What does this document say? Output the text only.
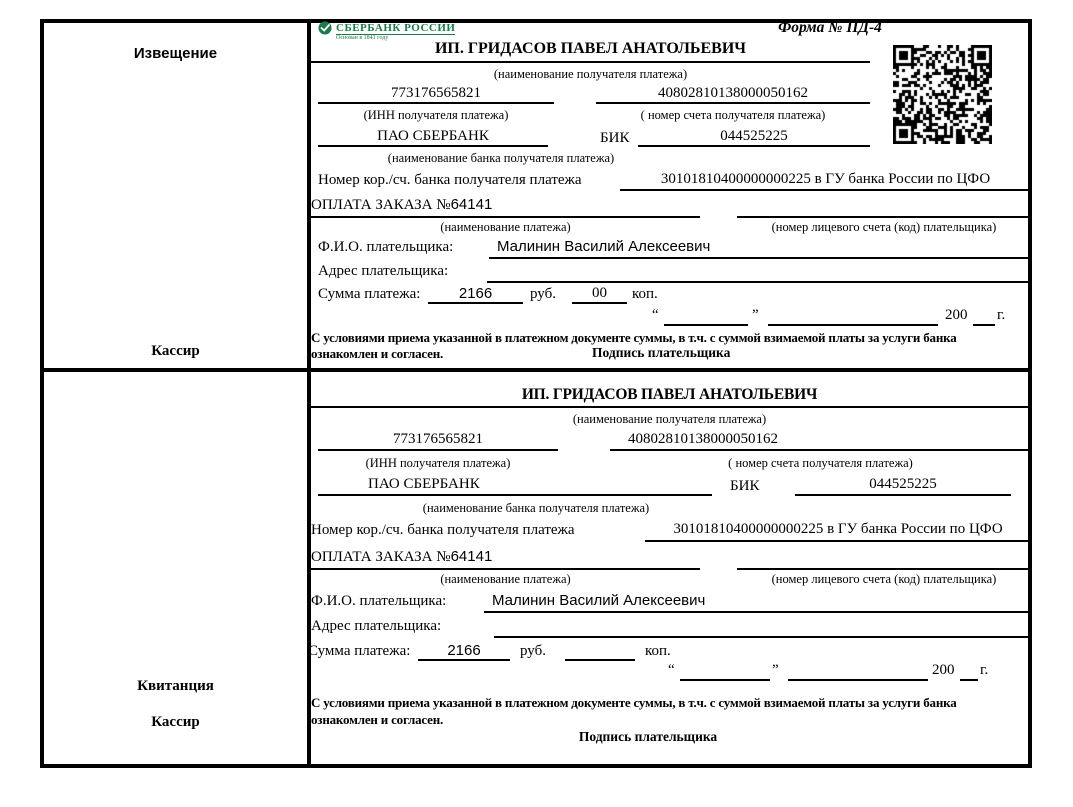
Извещение
Кассир
СБЕРБАНК РОССИИ
Основан в 1841 году
Форма № ПД-4
ИП. ГРИДАСОВ ПАВЕЛ АНАТОЛЬЕВИЧ
(наименование получателя платежа)
773176565821	40802810138000050162
(ИНН получателя платежа)	( номер счета получателя платежа)
ПАО СБЕРБАНК	БИК	044525225
(наименование банка получателя платежа)
Номер кор./сч. банка получателя платежа	30101810400000000225 в ГУ банка России по ЦФО
ОПЛАТА ЗАКАЗА №64141
(наименование платежа)	(номер лицевого счета (код) плательщика)
Ф.И.О. плательщика:	Малинин Василий Алексеевич
Адрес плательщика:
Сумма платежа:	2166	руб.	00	коп.
“	”	200 г.
С условиями приема указанной в платежном документе суммы, в т.ч. с суммой взимаемой платы за услуги банка
ознакомлен и согласен.	Подпись плательщика
Квитанция
Кассир
ИП. ГРИДАСОВ ПАВЕЛ АНАТОЛЬЕВИЧ
(наименование получателя платежа)
773176565821	40802810138000050162
(ИНН получателя платежа)	( номер счета получателя платежа)
ПАО СБЕРБАНК	БИК	044525225
(наименование банка получателя платежа)
Номер кор./сч. банка получателя платежа	30101810400000000225 в ГУ банка России по ЦФО
ОПЛАТА ЗАКАЗА №64141
(наименование платежа)	(номер лицевого счета (код) плательщика)
Ф.И.О. плательщика:	Малинин Василий Алексеевич
Адрес плательщика:
Сумма платежа:	2166	руб.	коп.
“	”	200 г.
С условиями приема указанной в платежном документе суммы, в т.ч. с суммой взимаемой платы за услуги банка
ознакомлен и согласен.
Подпись плательщика
